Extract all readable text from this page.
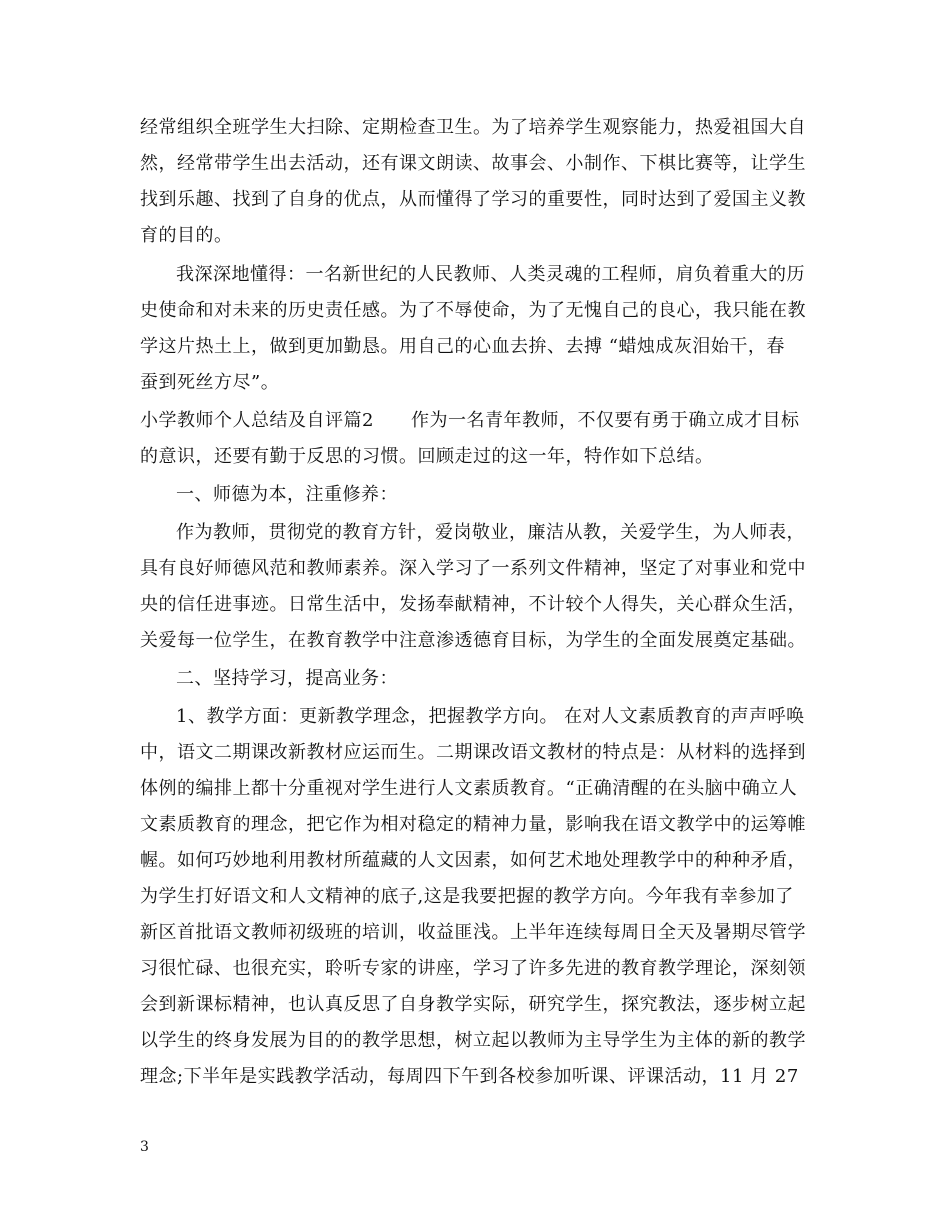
经常组织全班学生大扫除、定期检查卫生。为了培养学生观察能力，热爱祖国大自
然，经常带学生出去活动，还有课文朗读、故事会、小制作、下棋比赛等，让学生
找到乐趣、找到了自身的优点，从而懂得了学习的重要性，同时达到了爱国主义教
育的目的。
我深深地懂得：一名新世纪的人民教师、人类灵魂的工程师，肩负着重大的历
史使命和对未来的历史责任感。为了不辱使命，为了无愧自己的良心，我只能在教
学这片热土上，做到更加勤恳。用自己的心血去拚、去搏 “蜡烛成灰泪始干，春
蚕到死丝方尽”。
小学教师个人总结及自评篇2　　作为一名青年教师，不仅要有勇于确立成才目标
的意识，还要有勤于反思的习惯。回顾走过的这一年，特作如下总结。
一、师德为本，注重修养：
作为教师，贯彻党的教育方针，爱岗敬业，廉洁从教，关爱学生，为人师表，
具有良好师德风范和教师素养。深入学习了一系列文件精神，坚定了对事业和党中
央的信任进事迹。日常生活中，发扬奉献精神，不计较个人得失，关心群众生活，
关爱每一位学生，在教育教学中注意渗透德育目标，为学生的全面发展奠定基础。
二、坚持学习，提高业务：
1、教学方面：更新教学理念，把握教学方向。 在对人文素质教育的声声呼唤
中，语文二期课改新教材应运而生。二期课改语文教材的特点是：从材料的选择到
体例的编排上都十分重视对学生进行人文素质教育。“正确清醒的在头脑中确立人
文素质教育的理念，把它作为相对稳定的精神力量，影响我在语文教学中的运筹帷
幄。如何巧妙地利用教材所蕴藏的人文因素，如何艺术地处理教学中的种种矛盾，
为学生打好语文和人文精神的底子,这是我要把握的教学方向。今年我有幸参加了
新区首批语文教师初级班的培训，收益匪浅。上半年连续每周日全天及暑期尽管学
习很忙碌、也很充实，聆听专家的讲座，学习了许多先进的教育教学理论，深刻领
会到新课标精神，也认真反思了自身教学实际，研究学生，探究教法，逐步树立起
以学生的终身发展为目的的教学思想，树立起以教师为主导学生为主体的新的教学
理念;下半年是实践教学活动，每周四下午到各校参加听课、评课活动，11 月 27
3
